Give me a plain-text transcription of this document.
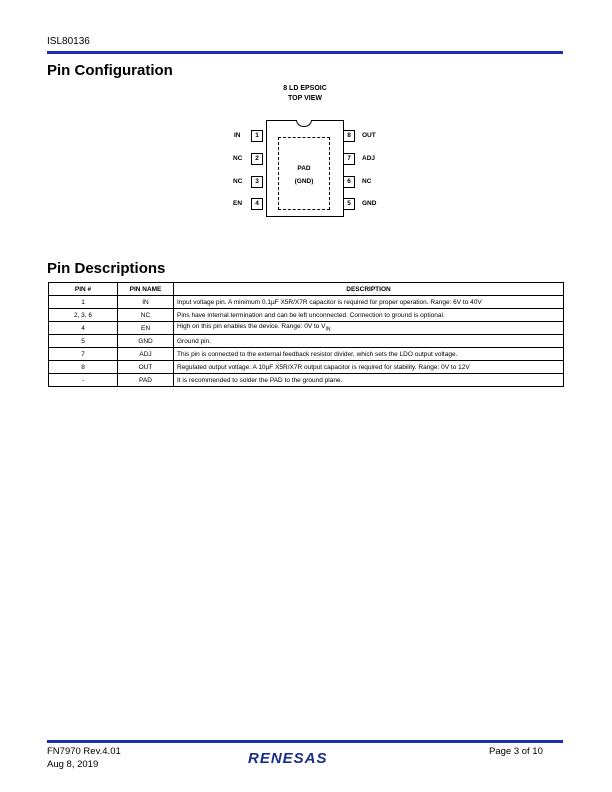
ISL80136
Pin Configuration
8 LD EPSOIC
TOP VIEW
PAD
(GND)
IN	1
NC	2
NC	3
EN	4
8	OUT
7	ADJ
6	NC
5	GND
Pin Descriptions
PIN #	PIN NAME	DESCRIPTION
1	IN	Input voltage pin. A minimum 0.1µF X5R/X7R capacitor is required for proper operation. Range: 6V to 40V
2, 3, 6	NC	Pins have internal termination and can be left unconnected. Connection to ground is optional.
4	EN	High on this pin enables the device. Range: 0V to $V_{IN}$
5	GND	Ground pin.
7	ADJ	This pin is connected to the external feedback resistor divider, which sets the LDO output voltage.
8	OUT	Regulated output voltage. A 10µF X5R/X7R output capacitor is required for stability. Range: 0V to 12V
-	PAD	It is recommended to solder the PAD to the ground plane.
FN7970 Rev.4.01
Aug 8, 2019	RENESAS	Page 3 of 10
